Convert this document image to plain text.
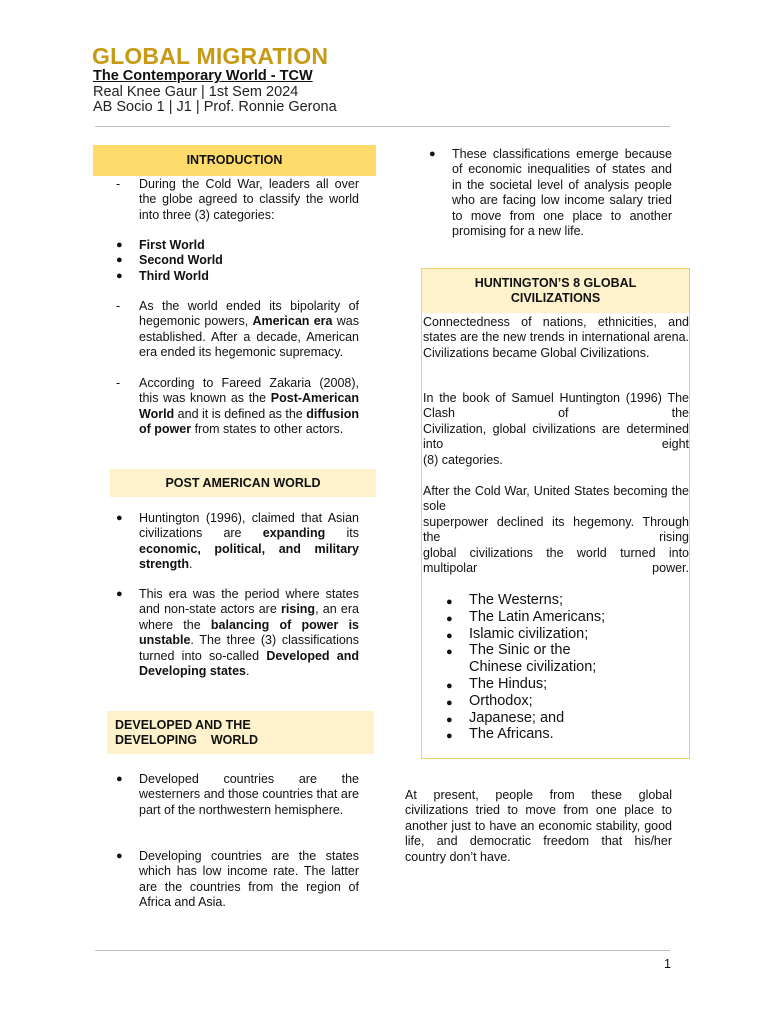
GLOBAL MIGRATION
The Contemporary World - TCW
Real Knee Gaur | 1st Sem 2024
AB Socio 1 | J1 | Prof. Ronnie Gerona
INTRODUCTION
- During the Cold War, leaders all over the globe agreed to classify the world into three (3) categories:
● First World
● Second World
● Third World
- As the world ended its bipolarity of hegemonic powers, American era was established. After a decade, American era ended its hegemonic supremacy.
- According to Fareed Zakaria (2008), this was known as the Post-American World and it is defined as the diffusion of power from states to other actors.
POST AMERICAN WORLD
● Huntington (1996), claimed that Asian civilizations are expanding its economic, political, and military strength.
● This era was the period where states and non-state actors are rising, an era where the balancing of power is unstable. The three (3) classifications turned into so-called Developed and Developing states.
DEVELOPED AND THE
DEVELOPING    WORLD
● Developed countries are the westerners and those countries that are part of the northwestern hemisphere.
● Developing countries are the states which has low income rate. The latter are the countries from the region of Africa and Asia.
● These classifications emerge because of economic inequalities of states and in the societal level of analysis people who are facing low income salary tried to move from one place to another promising for a new life.
HUNTINGTON’S 8 GLOBAL
CIVILIZATIONS
Connectedness of nations, ethnicities, and states are the new trends in international arena. Civilizations became Global Civilizations.
In the book of Samuel Huntington (1996) The Clash of the
Civilization, global civilizations are determined into eight
(8) categories.
After the Cold War, United States becoming the sole
superpower declined its hegemony. Through the rising
global civilizations the world turned into multipolar power.
● The Westerns;
● The Latin Americans;
● Islamic civilization;
● The Sinic or the
Chinese civilization;
● The Hindus;
● Orthodox;
● Japanese; and
● The Africans.
At present, people from these global civilizations tried to move from one place to another just to have an economic stability, good life, and democratic freedom that his/her country don’t have.
1
